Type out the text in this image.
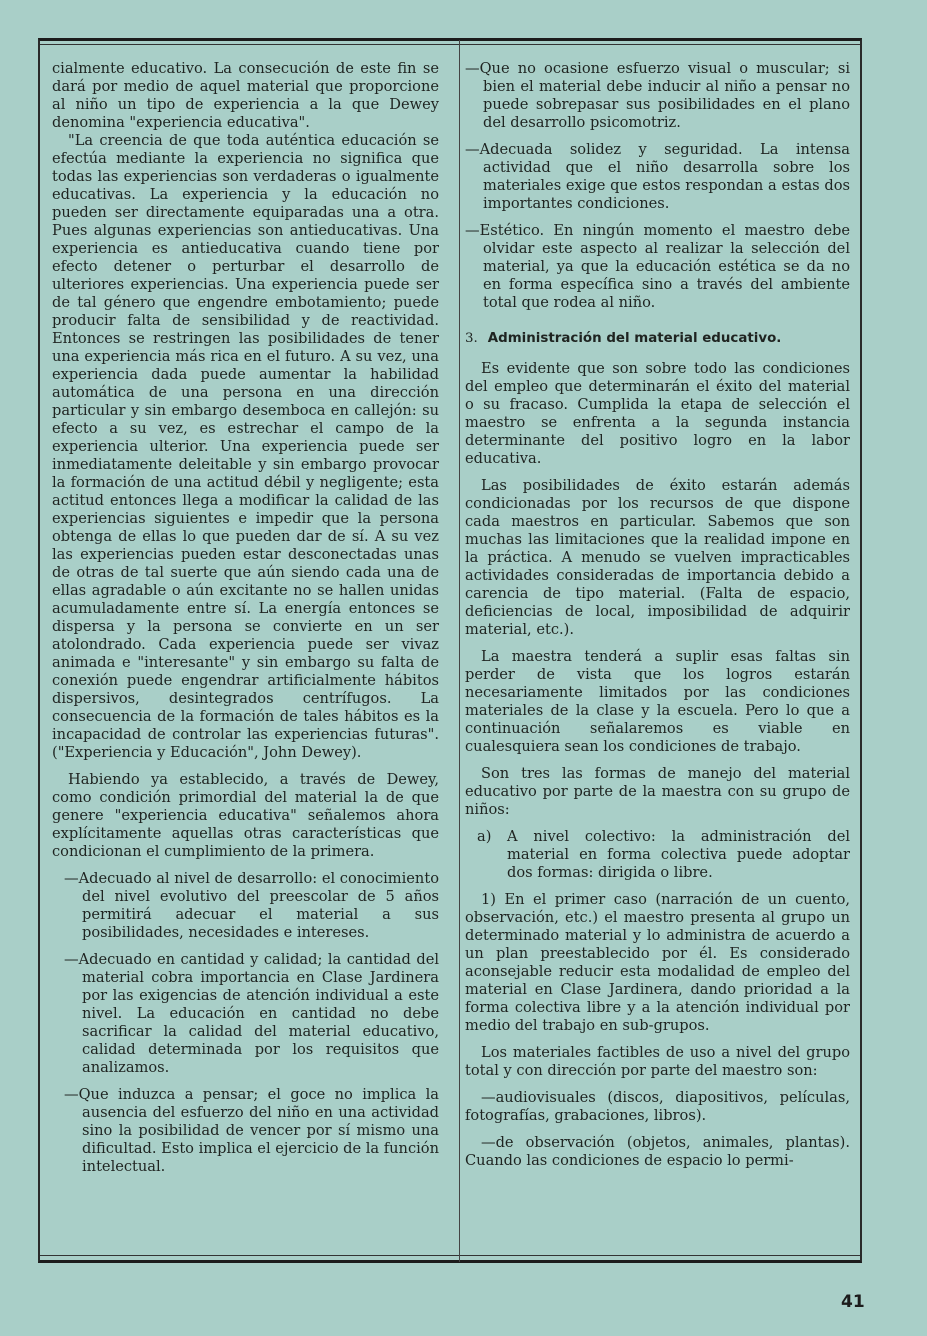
cialmente educativo. La consecución de este fin se dará por medio de aquel material que proporcione al niño un tipo de experiencia a la que Dewey denomina "experiencia educativa".

"La creencia de que toda auténtica educación se efectúa mediante la experiencia no significa que todas las experiencias son verdaderas o igualmente educativas. La experiencia y la educación no pueden ser directamente equiparadas una a otra. Pues algunas experiencias son antieducativas. Una experiencia es antieducativa cuando tiene por efecto detener o perturbar el desarrollo de ulteriores experiencias. Una experiencia puede ser de tal género que engendre embotamiento; puede producir falta de sensibilidad y de reactividad. Entonces se restringen las posibilidades de tener una experiencia más rica en el futuro. A su vez, una experiencia dada puede aumentar la habilidad automática de una persona en una dirección particular y sin embargo desemboca en callejón: su efecto a su vez, es estrechar el campo de la experiencia ulterior. Una experiencia puede ser inmediatamente deleitable y sin embargo provocar la formación de una actitud débil y negligente; esta actitud entonces llega a modificar la calidad de las experiencias siguientes e impedir que la persona obtenga de ellas lo que pueden dar de sí. A su vez las experiencias pueden estar desconectadas unas de otras de tal suerte que aún siendo cada una de ellas agradable o aún excitante no se hallen unidas acumuladamente entre sí. La energía entonces se dispersa y la persona se convierte en un ser atolondrado. Cada experiencia puede ser vivaz animada e "interesante" y sin embargo su falta de conexión puede engendrar artificialmente hábitos dispersivos, desintegrados centrífugos. La consecuencia de la formación de tales hábitos es la incapacidad de controlar las experiencias futuras". ("Experiencia y Educación", John Dewey).

Habiendo ya establecido, a través de Dewey, como condición primordial del material la de que genere "experiencia educativa" señalemos ahora explícitamente aquellas otras características que condicionan el cumplimiento de la primera.

—Adecuado al nivel de desarrollo: el conocimiento del nivel evolutivo del preescolar de 5 años permitirá adecuar el material a sus posibilidades, necesidades e intereses.

—Adecuado en cantidad y calidad; la cantidad del material cobra importancia en Clase Jardinera por las exigencias de atención individual a este nivel. La educación en cantidad no debe sacrificar la calidad del material educativo, calidad determinada por los requisitos que analizamos.

—Que induzca a pensar; el goce no implica la ausencia del esfuerzo del niño en una actividad sino la posibilidad de vencer por sí mismo una dificultad. Esto implica el ejercicio de la función intelectual.

—Que no ocasione esfuerzo visual o muscular; si bien el material debe inducir al niño a pensar no puede sobrepasar sus posibilidades en el plano del desarrollo psicomotriz.

—Adecuada solidez y seguridad. La intensa actividad que el niño desarrolla sobre los materiales exige que estos respondan a estas dos importantes condiciones.

—Estético. En ningún momento el maestro debe olvidar este aspecto al realizar la selección del material, ya que la educación estética se da no en forma específica sino a través del ambiente total que rodea al niño.

3. Administración del material educativo.

Es evidente que son sobre todo las condiciones del empleo que determinarán el éxito del material o su fracaso. Cumplida la etapa de selección el maestro se enfrenta a la segunda instancia determinante del positivo logro en la labor educativa.

Las posibilidades de éxito estarán además condicionadas por los recursos de que dispone cada maestros en particular. Sabemos que son muchas las limitaciones que la realidad impone en la práctica. A menudo se vuelven impracticables actividades consideradas de importancia debido a carencia de tipo material. (Falta de espacio, deficiencias de local, imposibilidad de adquirir material, etc.).

La maestra tenderá a suplir esas faltas sin perder de vista que los logros estarán necesariamente limitados por las condiciones materiales de la clase y la escuela. Pero lo que a continuación señalaremos es viable en cualesquiera sean los condiciones de trabajo.

Son tres las formas de manejo del material educativo por parte de la maestra con su grupo de niños:

a) A nivel colectivo: la administración del material en forma colectiva puede adoptar dos formas: dirigida o libre.

1) En el primer caso (narración de un cuento, observación, etc.) el maestro presenta al grupo un determinado material y lo administra de acuerdo a un plan preestablecido por él. Es considerado aconsejable reducir esta modalidad de empleo del material en Clase Jardinera, dando prioridad a la forma colectiva libre y a la atención individual por medio del trabajo en sub-grupos.

Los materiales factibles de uso a nivel del grupo total y con dirección por parte del maestro son:

—audiovisuales (discos, diapositivos, películas, fotografías, grabaciones, libros).

—de observación (objetos, animales, plantas). Cuando las condiciones de espacio lo permi-

41
